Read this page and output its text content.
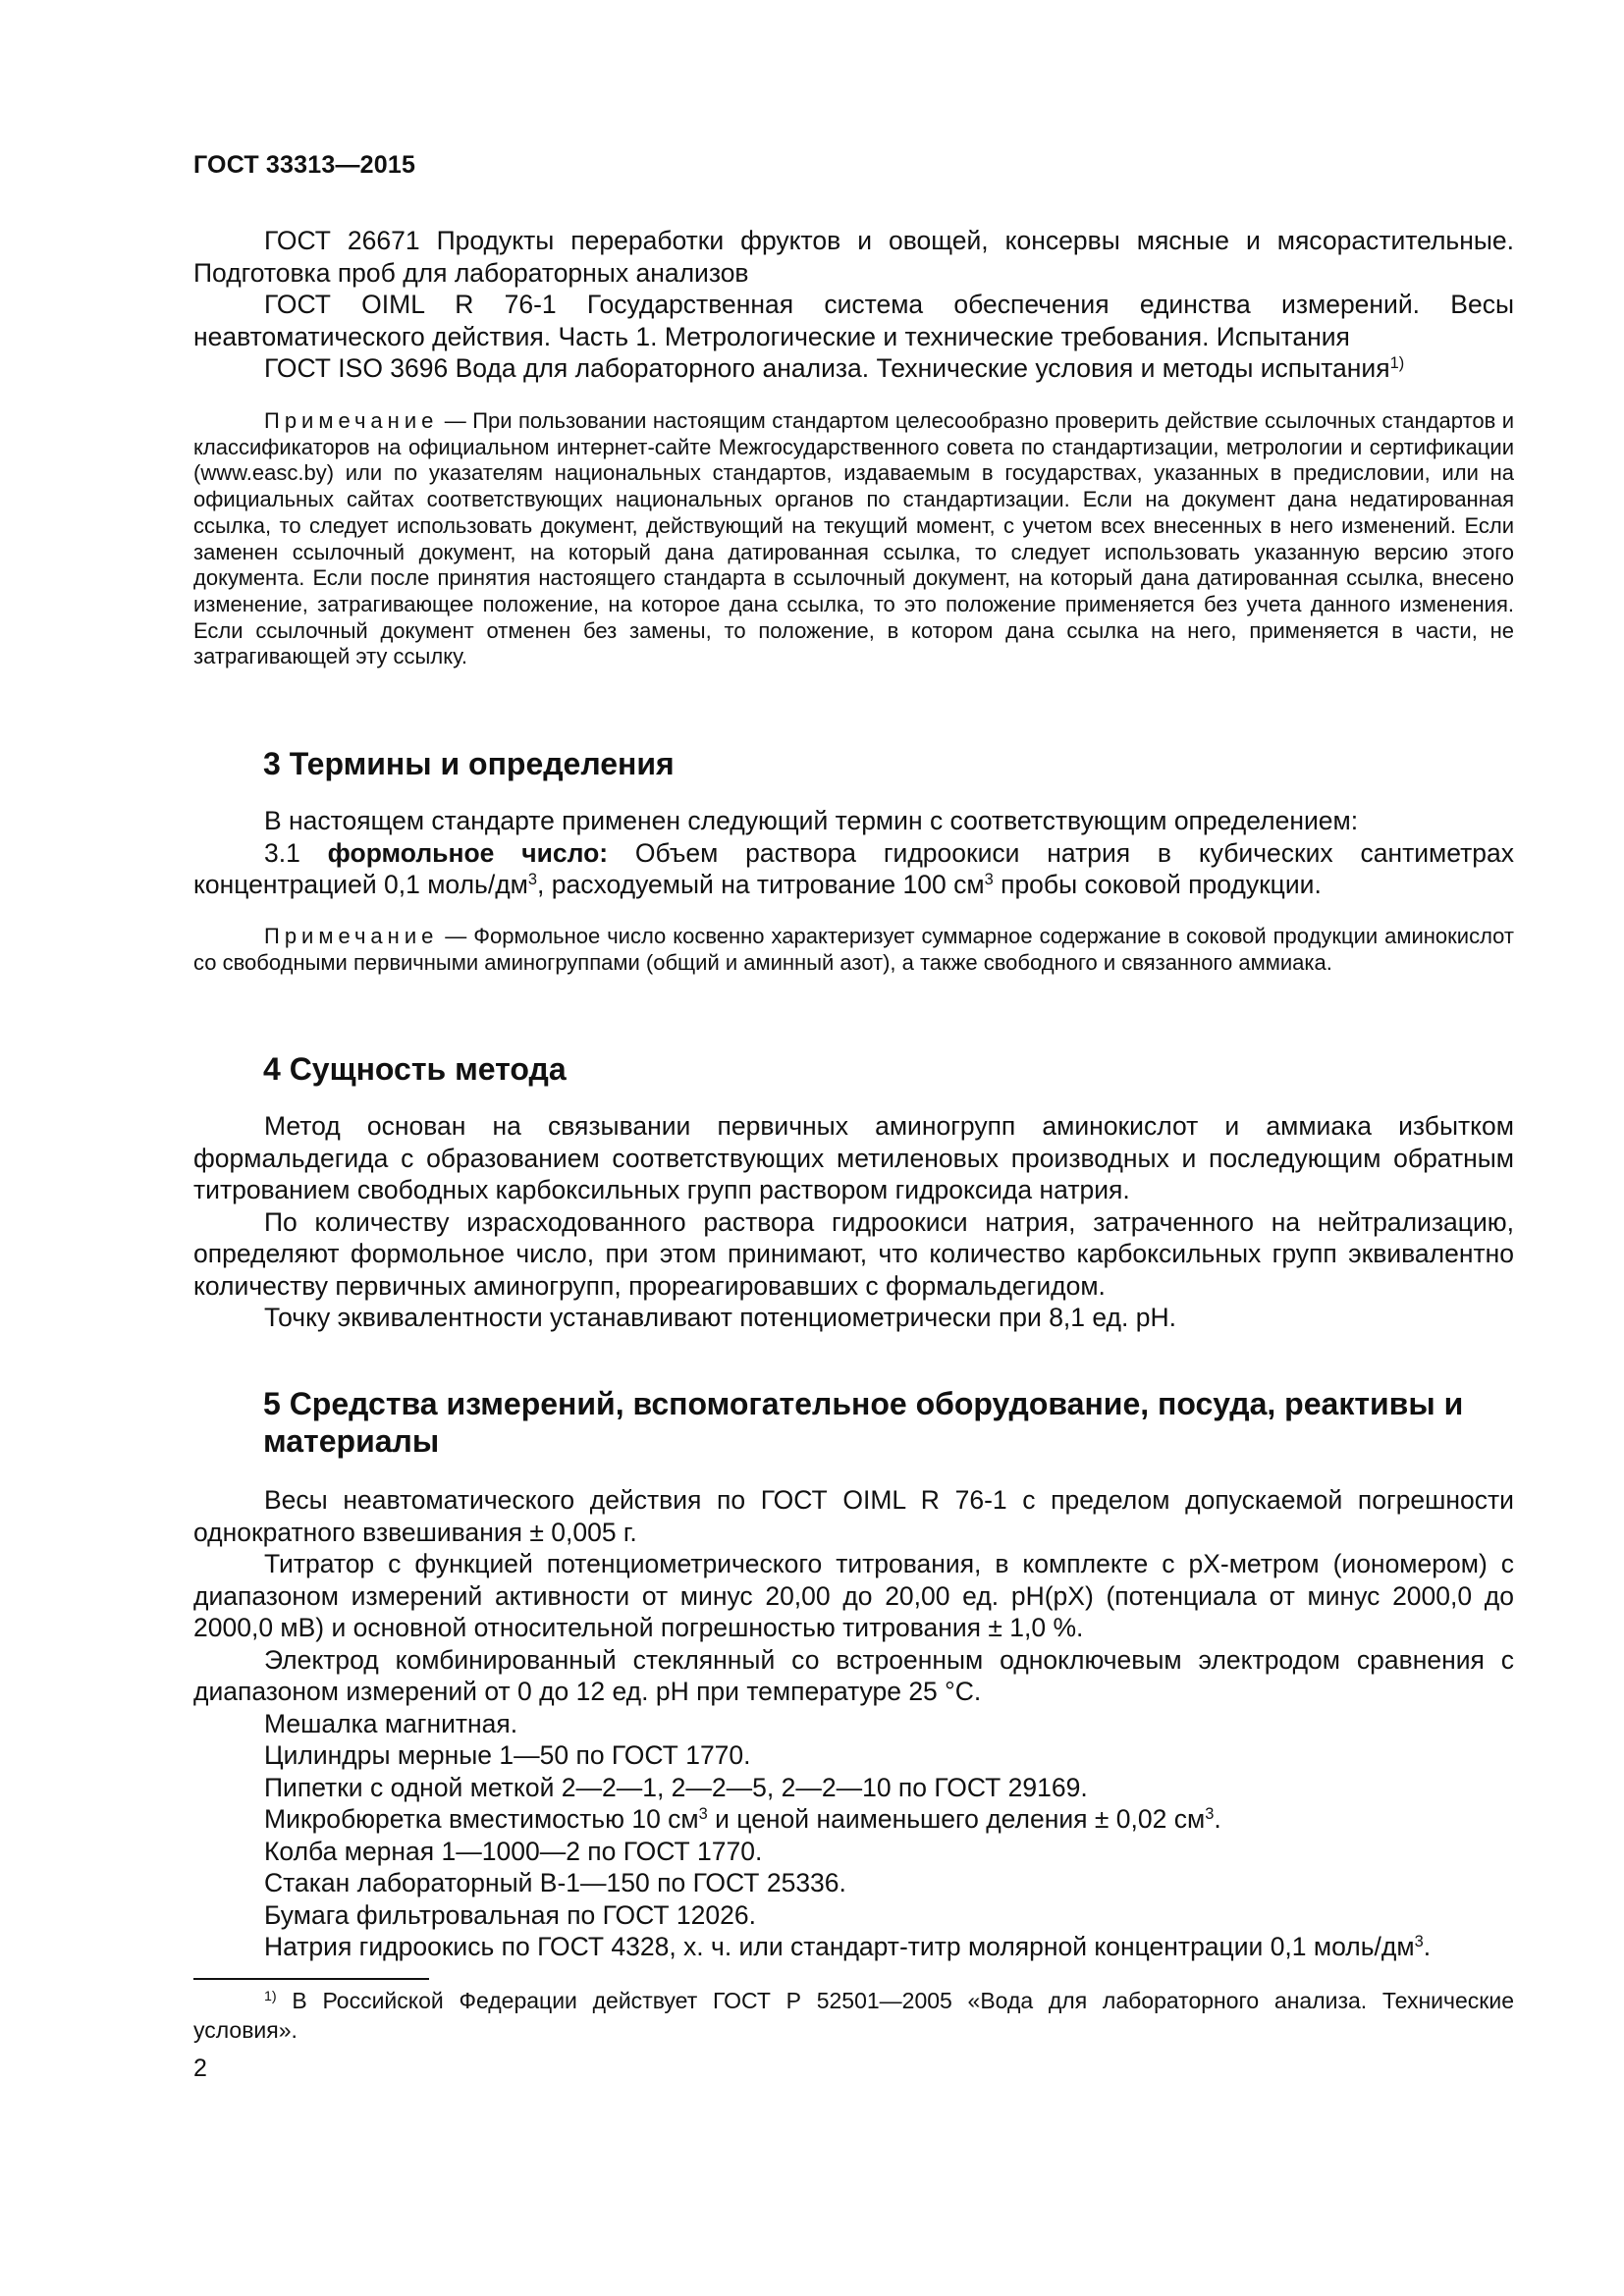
ГОСТ 33313—2015

ГОСТ 26671 Продукты переработки фруктов и овощей, консервы мясные и мясорастительные. Подготовка проб для лабораторных анализов

ГОСТ OIML R 76-1 Государственная система обеспечения единства измерений. Весы неавтоматического действия. Часть 1. Метрологические и технические требования. Испытания

ГОСТ ISO 3696 Вода для лабораторного анализа. Технические условия и методы испытания$^{1)}$

Примечание — При пользовании настоящим стандартом целесообразно проверить действие ссылочных стандартов и классификаторов на официальном интернет-сайте Межгосударственного совета по стандартизации, метрологии и сертификации (www.easc.by) или по указателям национальных стандартов, издаваемым в государствах, указанных в предисловии, или на официальных сайтах соответствующих национальных органов по стандартизации. Если на документ дана недатированная ссылка, то следует использовать документ, действующий на текущий момент, с учетом всех внесенных в него изменений. Если заменен ссылочный документ, на который дана датированная ссылка, то следует использовать указанную версию этого документа. Если после принятия настоящего стандарта в ссылочный документ, на который дана датированная ссылка, внесено изменение, затрагивающее положение, на которое дана ссылка, то это положение применяется без учета данного изменения. Если ссылочный документ отменен без замены, то положение, в котором дана ссылка на него, применяется в части, не затрагивающей эту ссылку.

3 Термины и определения

В настоящем стандарте применен следующий термин с соответствующим определением:

3.1 формольное число: Объем раствора гидроокиси натрия в кубических сантиметрах концентрацией 0,1 моль/$дм^3$, расходуемый на титрование 100 $см^3$ пробы соковой продукции.

Примечание — Формольное число косвенно характеризует суммарное содержание в соковой продукции аминокислот со свободными первичными аминогруппами (общий и аминный азот), а также свободного и связанного аммиака.

4 Сущность метода

Метод основан на связывании первичных аминогрупп аминокислот и аммиака избытком формальдегида с образованием соответствующих метиленовых производных и последующим обратным титрованием свободных карбоксильных групп раствором гидроксида натрия.

По количеству израсходованного раствора гидроокиси натрия, затраченного на нейтрализацию, определяют формольное число, при этом принимают, что количество карбоксильных групп эквивалентно количеству первичных аминогрупп, прореагировавших с формальдегидом.

Точку эквивалентности устанавливают потенциометрически при 8,1 ед. pH.

5 Средства измерений, вспомогательное оборудование, посуда, реактивы и материалы

Весы неавтоматического действия по ГОСТ OIML R 76-1 с пределом допускаемой погрешности однократного взвешивания ± 0,005 г.

Титратор с функцией потенциометрического титрования, в комплекте с pX-метром (иономером) с диапазоном измерений активности от минус 20,00 до 20,00 ед. pH(pX) (потенциала от минус 2000,0 до 2000,0 мВ) и основной относительной погрешностью титрования ± 1,0 %.

Электрод комбинированный стеклянный со встроенным одноключевым электродом сравнения с диапазоном измерений от 0 до 12 ед. pH при температуре 25 °С.

Мешалка магнитная.

Цилиндры мерные 1—50 по ГОСТ 1770.

Пипетки с одной меткой 2—2—1, 2—2—5, 2—2—10 по ГОСТ 29169.

Микробюретка вместимостью 10 $см^3$ и ценой наименьшего деления ± 0,02 $см^3$.

Колба мерная 1—1000—2 по ГОСТ 1770.

Стакан лабораторный В-1—150 по ГОСТ 25336.

Бумага фильтровальная по ГОСТ 12026.

Натрия гидроокись по ГОСТ 4328, х. ч. или стандарт-титр молярной концентрации 0,1 моль/$дм^3$.

$^{1)}$ В Российской Федерации действует ГОСТ Р 52501—2005 «Вода для лабораторного анализа. Технические условия».

2
